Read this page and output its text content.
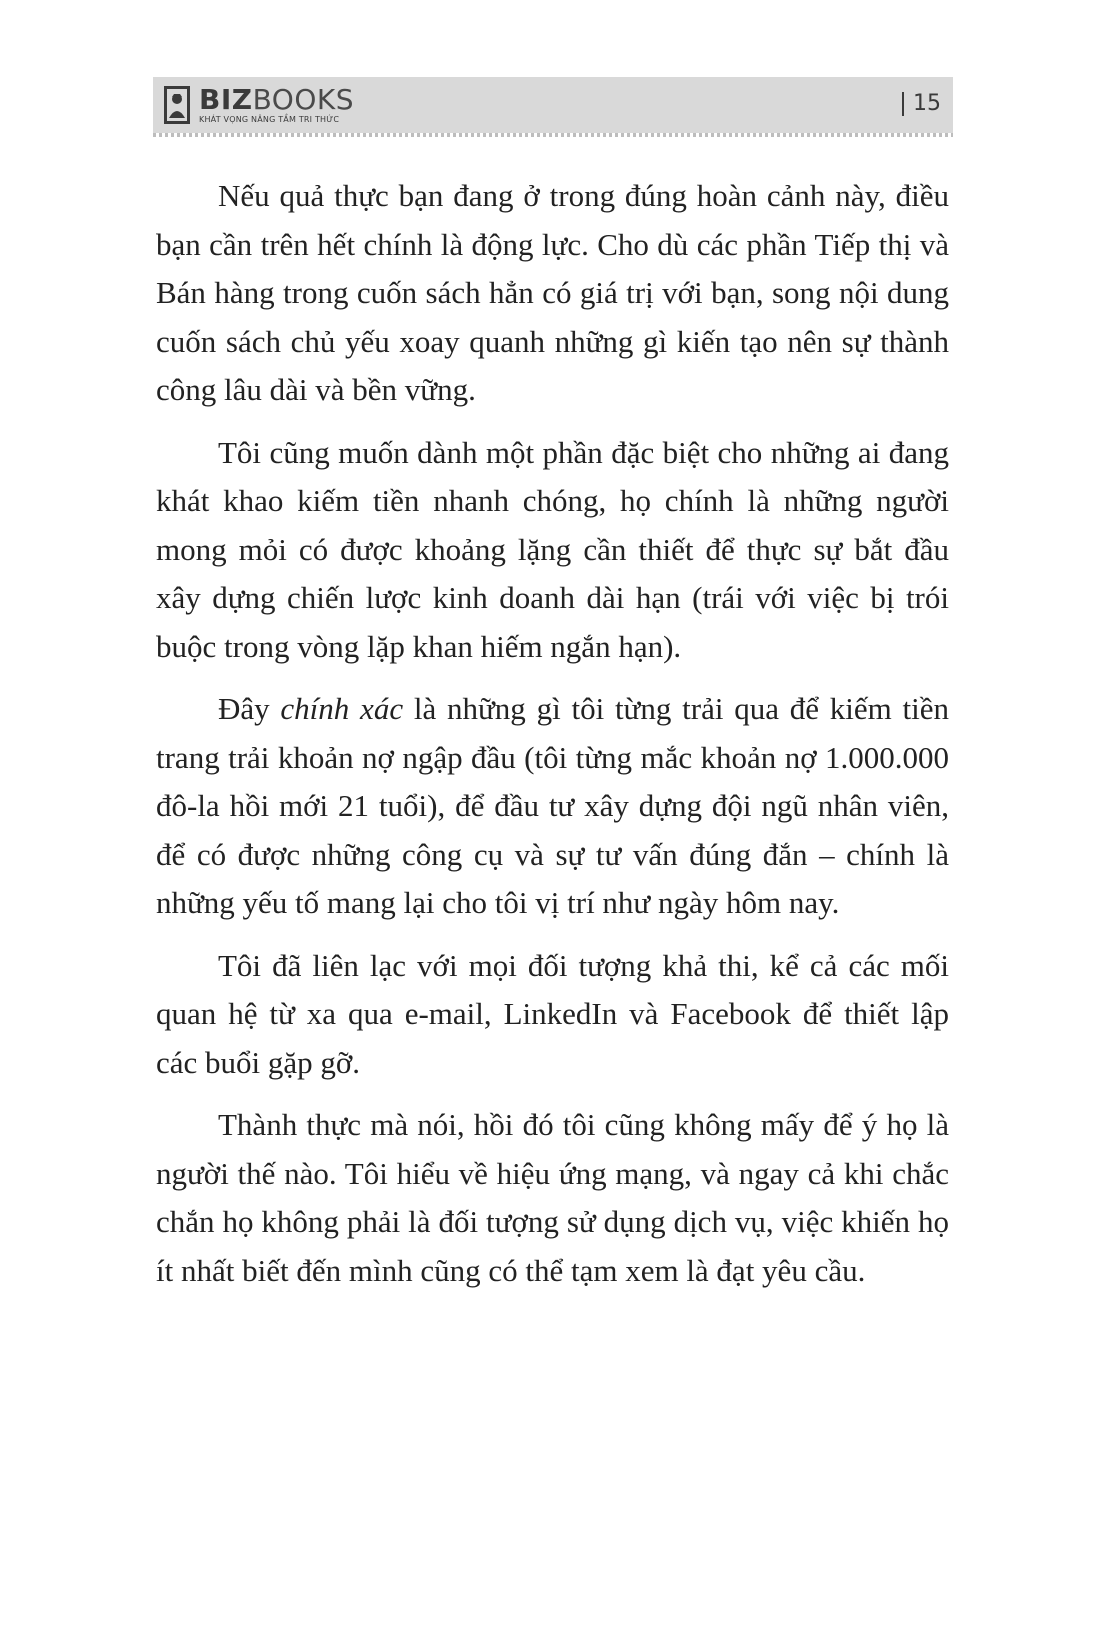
BIZBOOKS
KHÁT VỌNG NÂNG TẦM TRI THỨC
15

Nếu quả thực bạn đang ở trong đúng hoàn cảnh này, điều bạn cần trên hết chính là động lực. Cho dù các phần Tiếp thị và Bán hàng trong cuốn sách hẳn có giá trị với bạn, song nội dung cuốn sách chủ yếu xoay quanh những gì kiến tạo nên sự thành công lâu dài và bền vững.

Tôi cũng muốn dành một phần đặc biệt cho những ai đang khát khao kiếm tiền nhanh chóng, họ chính là những người mong mỏi có được khoảng lặng cần thiết để thực sự bắt đầu xây dựng chiến lược kinh doanh dài hạn (trái với việc bị trói buộc trong vòng lặp khan hiếm ngắn hạn).

Đây chính xác là những gì tôi từng trải qua để kiếm tiền trang trải khoản nợ ngập đầu (tôi từng mắc khoản nợ 1.000.000 đô-la hồi mới 21 tuổi), để đầu tư xây dựng đội ngũ nhân viên, để có được những công cụ và sự tư vấn đúng đắn – chính là những yếu tố mang lại cho tôi vị trí như ngày hôm nay.

Tôi đã liên lạc với mọi đối tượng khả thi, kể cả các mối quan hệ từ xa qua e-mail, LinkedIn và Facebook để thiết lập các buổi gặp gỡ.

Thành thực mà nói, hồi đó tôi cũng không mấy để ý họ là người thế nào. Tôi hiểu về hiệu ứng mạng, và ngay cả khi chắc chắn họ không phải là đối tượng sử dụng dịch vụ, việc khiến họ ít nhất biết đến mình cũng có thể tạm xem là đạt yêu cầu.
